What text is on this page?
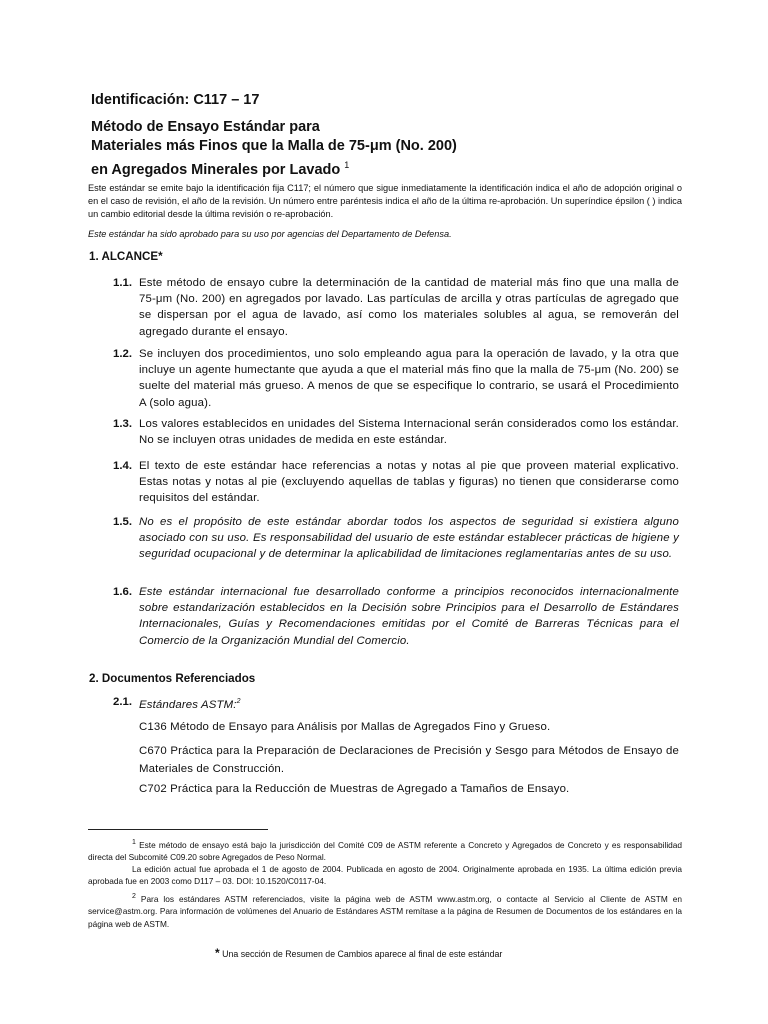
Identificación: C117 – 17
Método de Ensayo Estándar para
Materiales más Finos que la Malla de 75-μm (No. 200)
en Agregados Minerales por Lavado $^1$
Este estándar se emite bajo la identificación fija C117; el número que sigue inmediatamente la identificación indica el año de adopción original o en el caso de revisión, el año de la revisión. Un número entre paréntesis indica el año de la última re-aprobación. Un superíndice épsilon ( ) indica un cambio editorial desde la última revisión o re-aprobación.
Este estándar ha sido aprobado para su uso por agencias del Departamento de Defensa.
1. ALCANCE*
1.1. Este método de ensayo cubre la determinación de la cantidad de material más fino que una malla de 75-μm (No. 200) en agregados por lavado. Las partículas de arcilla y otras partículas de agregado que se dispersan por el agua de lavado, así como los materiales solubles al agua, se removerán del agregado durante el ensayo.
1.2. Se incluyen dos procedimientos, uno solo empleando agua para la operación de lavado, y la otra que incluye un agente humectante que ayuda a que el material más fino que la malla de 75-μm (No. 200) se suelte del material más grueso. A menos de que se especifique lo contrario, se usará el Procedimiento A (solo agua).
1.3. Los valores establecidos en unidades del Sistema Internacional serán considerados como los estándar. No se incluyen otras unidades de medida en este estándar.
1.4. El texto de este estándar hace referencias a notas y notas al pie que proveen material explicativo. Estas notas y notas al pie (excluyendo aquellas de tablas y figuras) no tienen que considerarse como requisitos del estándar.
1.5. No es el propósito de este estándar abordar todos los aspectos de seguridad si existiera alguno asociado con su uso. Es responsabilidad del usuario de este estándar establecer prácticas de higiene y seguridad ocupacional y de determinar la aplicabilidad de limitaciones reglamentarias antes de su uso.
1.6. Este estándar internacional fue desarrollado conforme a principios reconocidos internacionalmente sobre estandarización establecidos en la Decisión sobre Principios para el Desarrollo de Estándares Internacionales, Guías y Recomendaciones emitidas por el Comité de Barreras Técnicas para el Comercio de la Organización Mundial del Comercio.
2. Documentos Referenciados
2.1. Estándares ASTM:$^2$
C136 Método de Ensayo para Análisis por Mallas de Agregados Fino y Grueso.
C670 Práctica para la Preparación de Declaraciones de Precisión y Sesgo para Métodos de Ensayo de Materiales de Construcción.
C702 Práctica para la Reducción de Muestras de Agregado a Tamaños de Ensayo.
$^1$ Este método de ensayo está bajo la jurisdicción del Comité C09 de ASTM referente a Concreto y Agregados de Concreto y es responsabilidad directa del Subcomité C09.20 sobre Agregados de Peso Normal.
La edición actual fue aprobada el 1 de agosto de 2004. Publicada en agosto de 2004. Originalmente aprobada en 1935. La última edición previa aprobada fue en 2003 como D117 – 03. DOI: 10.1520/C0117-04.
$^2$ Para los estándares ASTM referenciados, visite la página web de ASTM www.astm.org, o contacte al Servicio al Cliente de ASTM en service@astm.org. Para información de volúmenes del Anuario de Estándares ASTM remítase a la página de Resumen de Documentos de los estándares en la página web de ASTM.
* Una sección de Resumen de Cambios aparece al final de este estándar
